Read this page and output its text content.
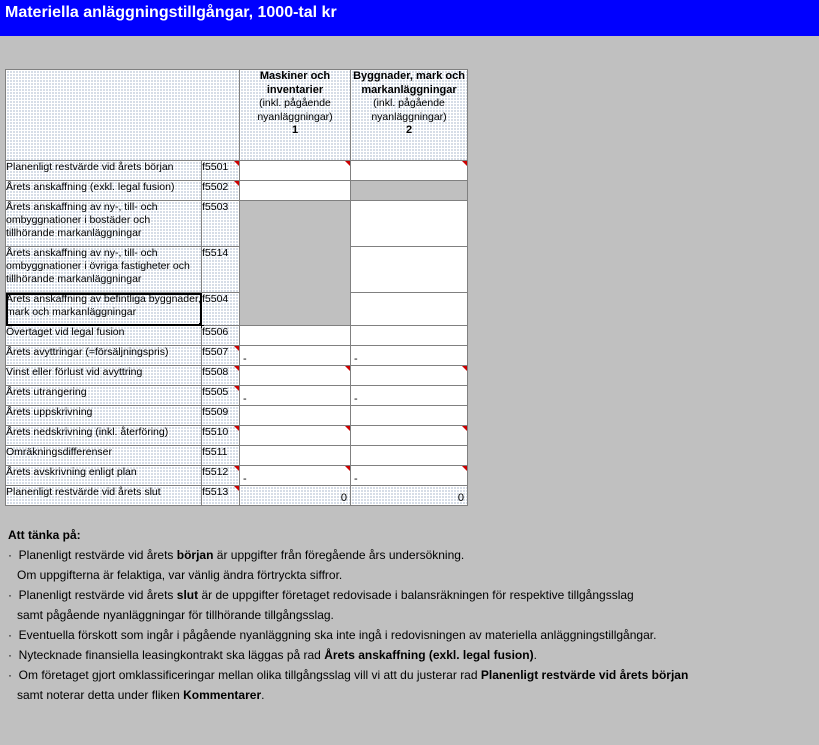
Materiella anläggningstillgångar, 1000-tal kr
		Maskiner och inventarier
(inkl. pågående nyanläggningar)
1	Byggnader, mark och markanläggningar
(inkl. pågående nyanläggningar)
2
Planenligt restvärde vid årets början	f5501

Årets anskaffning (exkl. legal fusion)	f5502

Årets anskaffning av ny-, till- och ombyggnationer i bostäder och tillhörande markanläggningar	f5503		
Årets anskaffning av ny-, till- och ombyggnationer i övriga fastigheter och tillhörande markanläggningar	f5514		
Årets anskaffning av befintliga byggnader, mark och markanläggningar	f5504		
Övertaget vid legal fusion	f5506		
Årets avyttringar (=försäljningspris)	f5507	-	-

Vinst eller förlust vid avyttring	f5508

Årets utrangering	f5505	-	-

Årets uppskrivning	f5509		
Årets nedskrivning (inkl. återföring)	f5510

Omräkningsdifferenser	f5511		
Årets avskrivning enligt plan	f5512	-	-

Planenligt restvärde vid årets slut	f5513	0	0
Att tänka på:
·  Planenligt restvärde vid årets början är uppgifter från föregående års undersökning.
Om uppgifterna är felaktiga, var vänlig ändra förtryckta siffror.
·  Planenligt restvärde vid årets slut är de uppgifter företaget redovisade i balansräkningen för respektive tillgångsslag
samt pågående nyanläggningar för tillhörande tillgångsslag.
·  Eventuella förskott som ingår i pågående nyanläggning ska inte ingå i redovisningen av materiella anläggningstillgångar.
·  Nytecknade finansiella leasingkontrakt ska läggas på rad Årets anskaffning (exkl. legal fusion).
·  Om företaget gjort omklassificeringar mellan olika tillgångsslag vill vi att du justerar rad Planenligt restvärde vid årets början
samt noterar detta under fliken Kommentarer.
